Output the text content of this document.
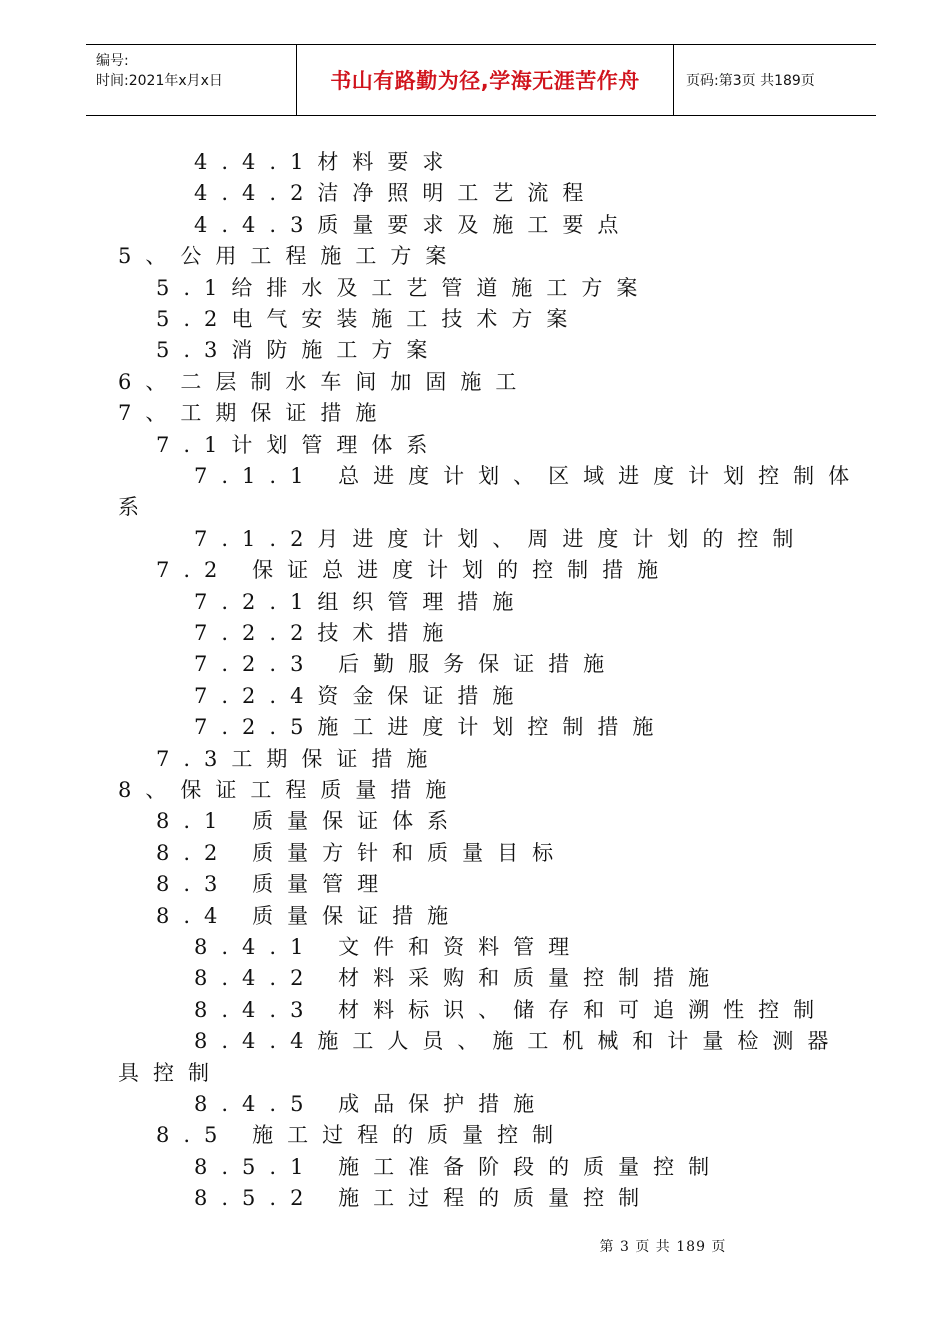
编号:
时间:2021年x月x日	书山有路勤为径,学海无涯苦作舟	页码:第3页 共189页
4.4.1材料要求
4.4.2洁净照明工艺流程
4.4.3质量要求及施工要点
5、公用工程施工方案
5.1给排水及工艺管道施工方案
5.2电气安装施工技术方案
5.3消防施工方案
6、二层制水车间加固施工
7、工期保证措施
7.1计划管理体系
7.1.1 总进度计划、区域进度计划控制体
系
7.1.2月进度计划、周进度计划的控制
7.2 保证总进度计划的控制措施
7.2.1组织管理措施
7.2.2技术措施
7.2.3 后勤服务保证措施
7.2.4资金保证措施
7.2.5施工进度计划控制措施
7.3工期保证措施
8、保证工程质量措施
8.1 质量保证体系
8.2 质量方针和质量目标
8.3 质量管理
8.4 质量保证措施
8.4.1 文件和资料管理
8.4.2 材料采购和质量控制措施
8.4.3 材料标识、储存和可追溯性控制
8.4.4施工人员、施工机械和计量检测器
具控制
8.4.5 成品保护措施
8.5 施工过程的质量控制
8.5.1 施工准备阶段的质量控制
8.5.2 施工过程的质量控制
第 3 页 共 189 页
